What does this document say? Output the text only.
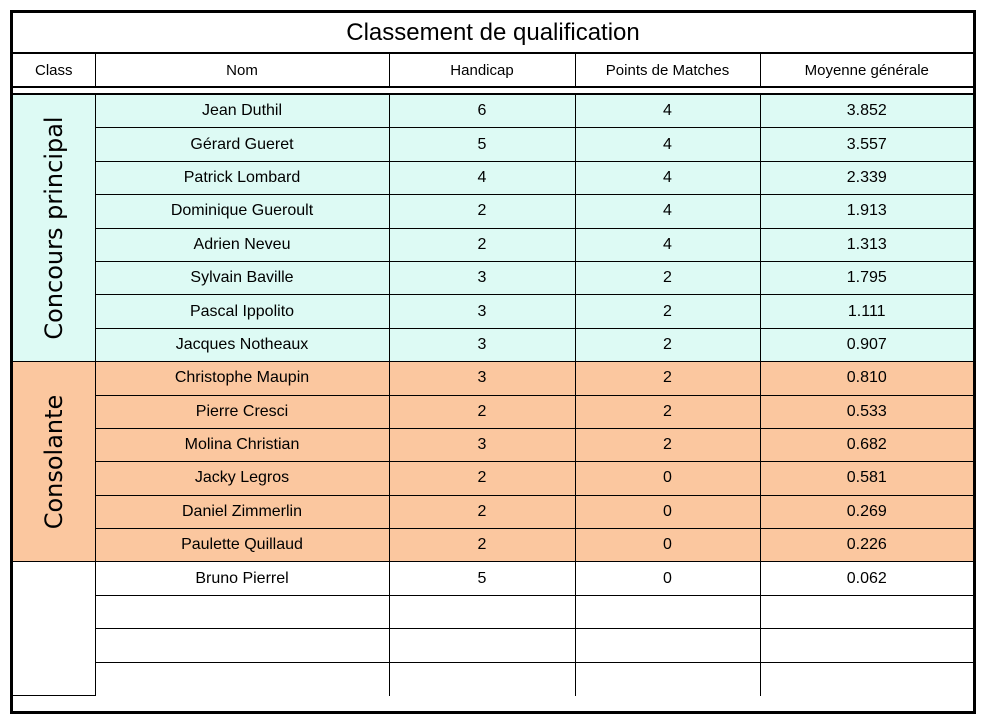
Classement de qualification
Class	Nom	Handicap	Points de Matches	Moyenne générale
Concours principal	Jean Duthil	6	4	3.852
	Gérard Gueret	5	4	3.557
	Patrick Lombard	4	4	2.339
	Dominique Gueroult	2	4	1.913
	Adrien Neveu	2	4	1.313
	Sylvain Baville	3	2	1.795
	Pascal Ippolito	3	2	1.111
	Jacques Notheaux	3	2	0.907

Consolante	Christophe Maupin	3	2	0.810
	Pierre Cresci	2	2	0.533
	Molina Christian	3	2	0.682
	Jacky Legros	2	0	0.581
	Daniel Zimmerlin	2	0	0.269
	Paulette Quillaud	2	0	0.226
	Bruno Pierrel	5	0	0.062
